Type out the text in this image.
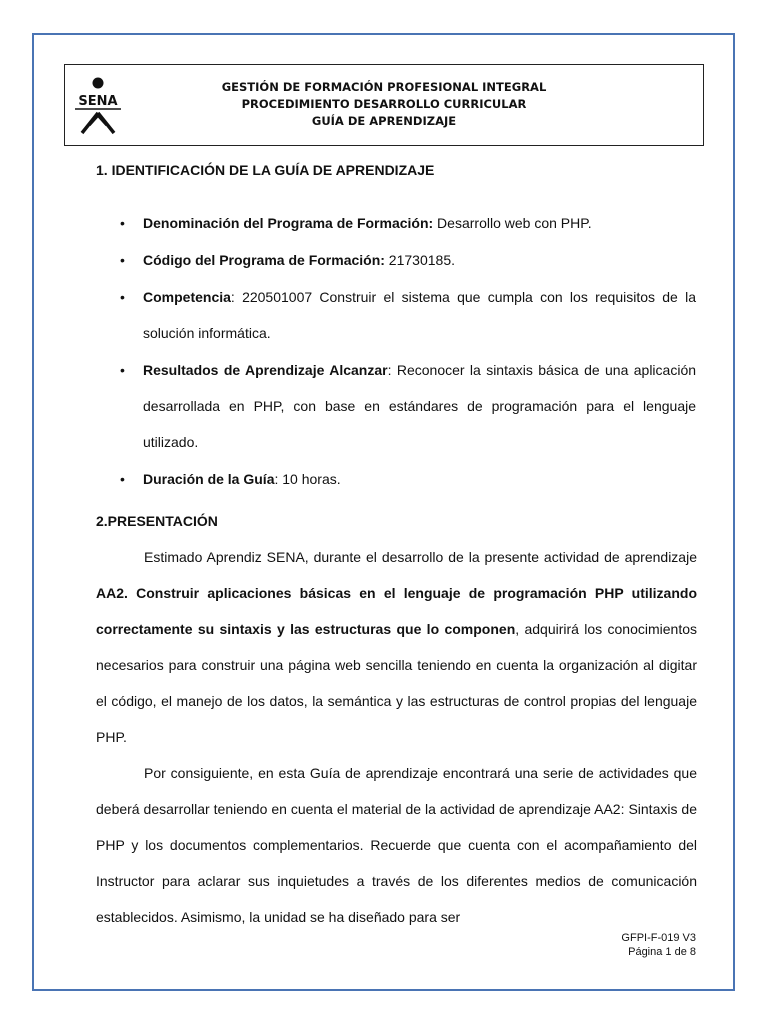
SENA
GESTIÓN DE FORMACIÓN PROFESIONAL INTEGRAL
PROCEDIMIENTO DESARROLLO CURRICULAR
GUÍA DE APRENDIZAJE
1. IDENTIFICACIÓN DE LA GUÍA DE APRENDIZAJE
• Denominación del Programa de Formación: Desarrollo web con PHP.
• Código del Programa de Formación: 21730185.
• Competencia: 220501007 Construir el sistema que cumpla con los requisitos de la solución informática.
• Resultados de Aprendizaje Alcanzar: Reconocer la sintaxis básica de una aplicación desarrollada en PHP, con base en estándares de programación para el lenguaje utilizado.
• Duración de la Guía: 10 horas.
2.PRESENTACIÓN

Estimado Aprendiz SENA, durante el desarrollo de la presente actividad de aprendizaje AA2. Construir aplicaciones básicas en el lenguaje de programación PHP utilizando correctamente su sintaxis y las estructuras que lo componen, adquirirá los conocimientos necesarios para construir una página web sencilla teniendo en cuenta la organización al digitar el código, el manejo de los datos, la semántica y las estructuras de control propias del lenguaje PHP.

Por consiguiente, en esta Guía de aprendizaje encontrará una serie de actividades que deberá desarrollar teniendo en cuenta el material de la actividad de aprendizaje AA2: Sintaxis de PHP y los documentos complementarios. Recuerde que cuenta con el acompañamiento del Instructor para aclarar sus inquietudes a través de los diferentes medios de comunicación establecidos. Asimismo, la unidad se ha diseñado para ser

GFPI-F-019 V3
Página 1 de 8
